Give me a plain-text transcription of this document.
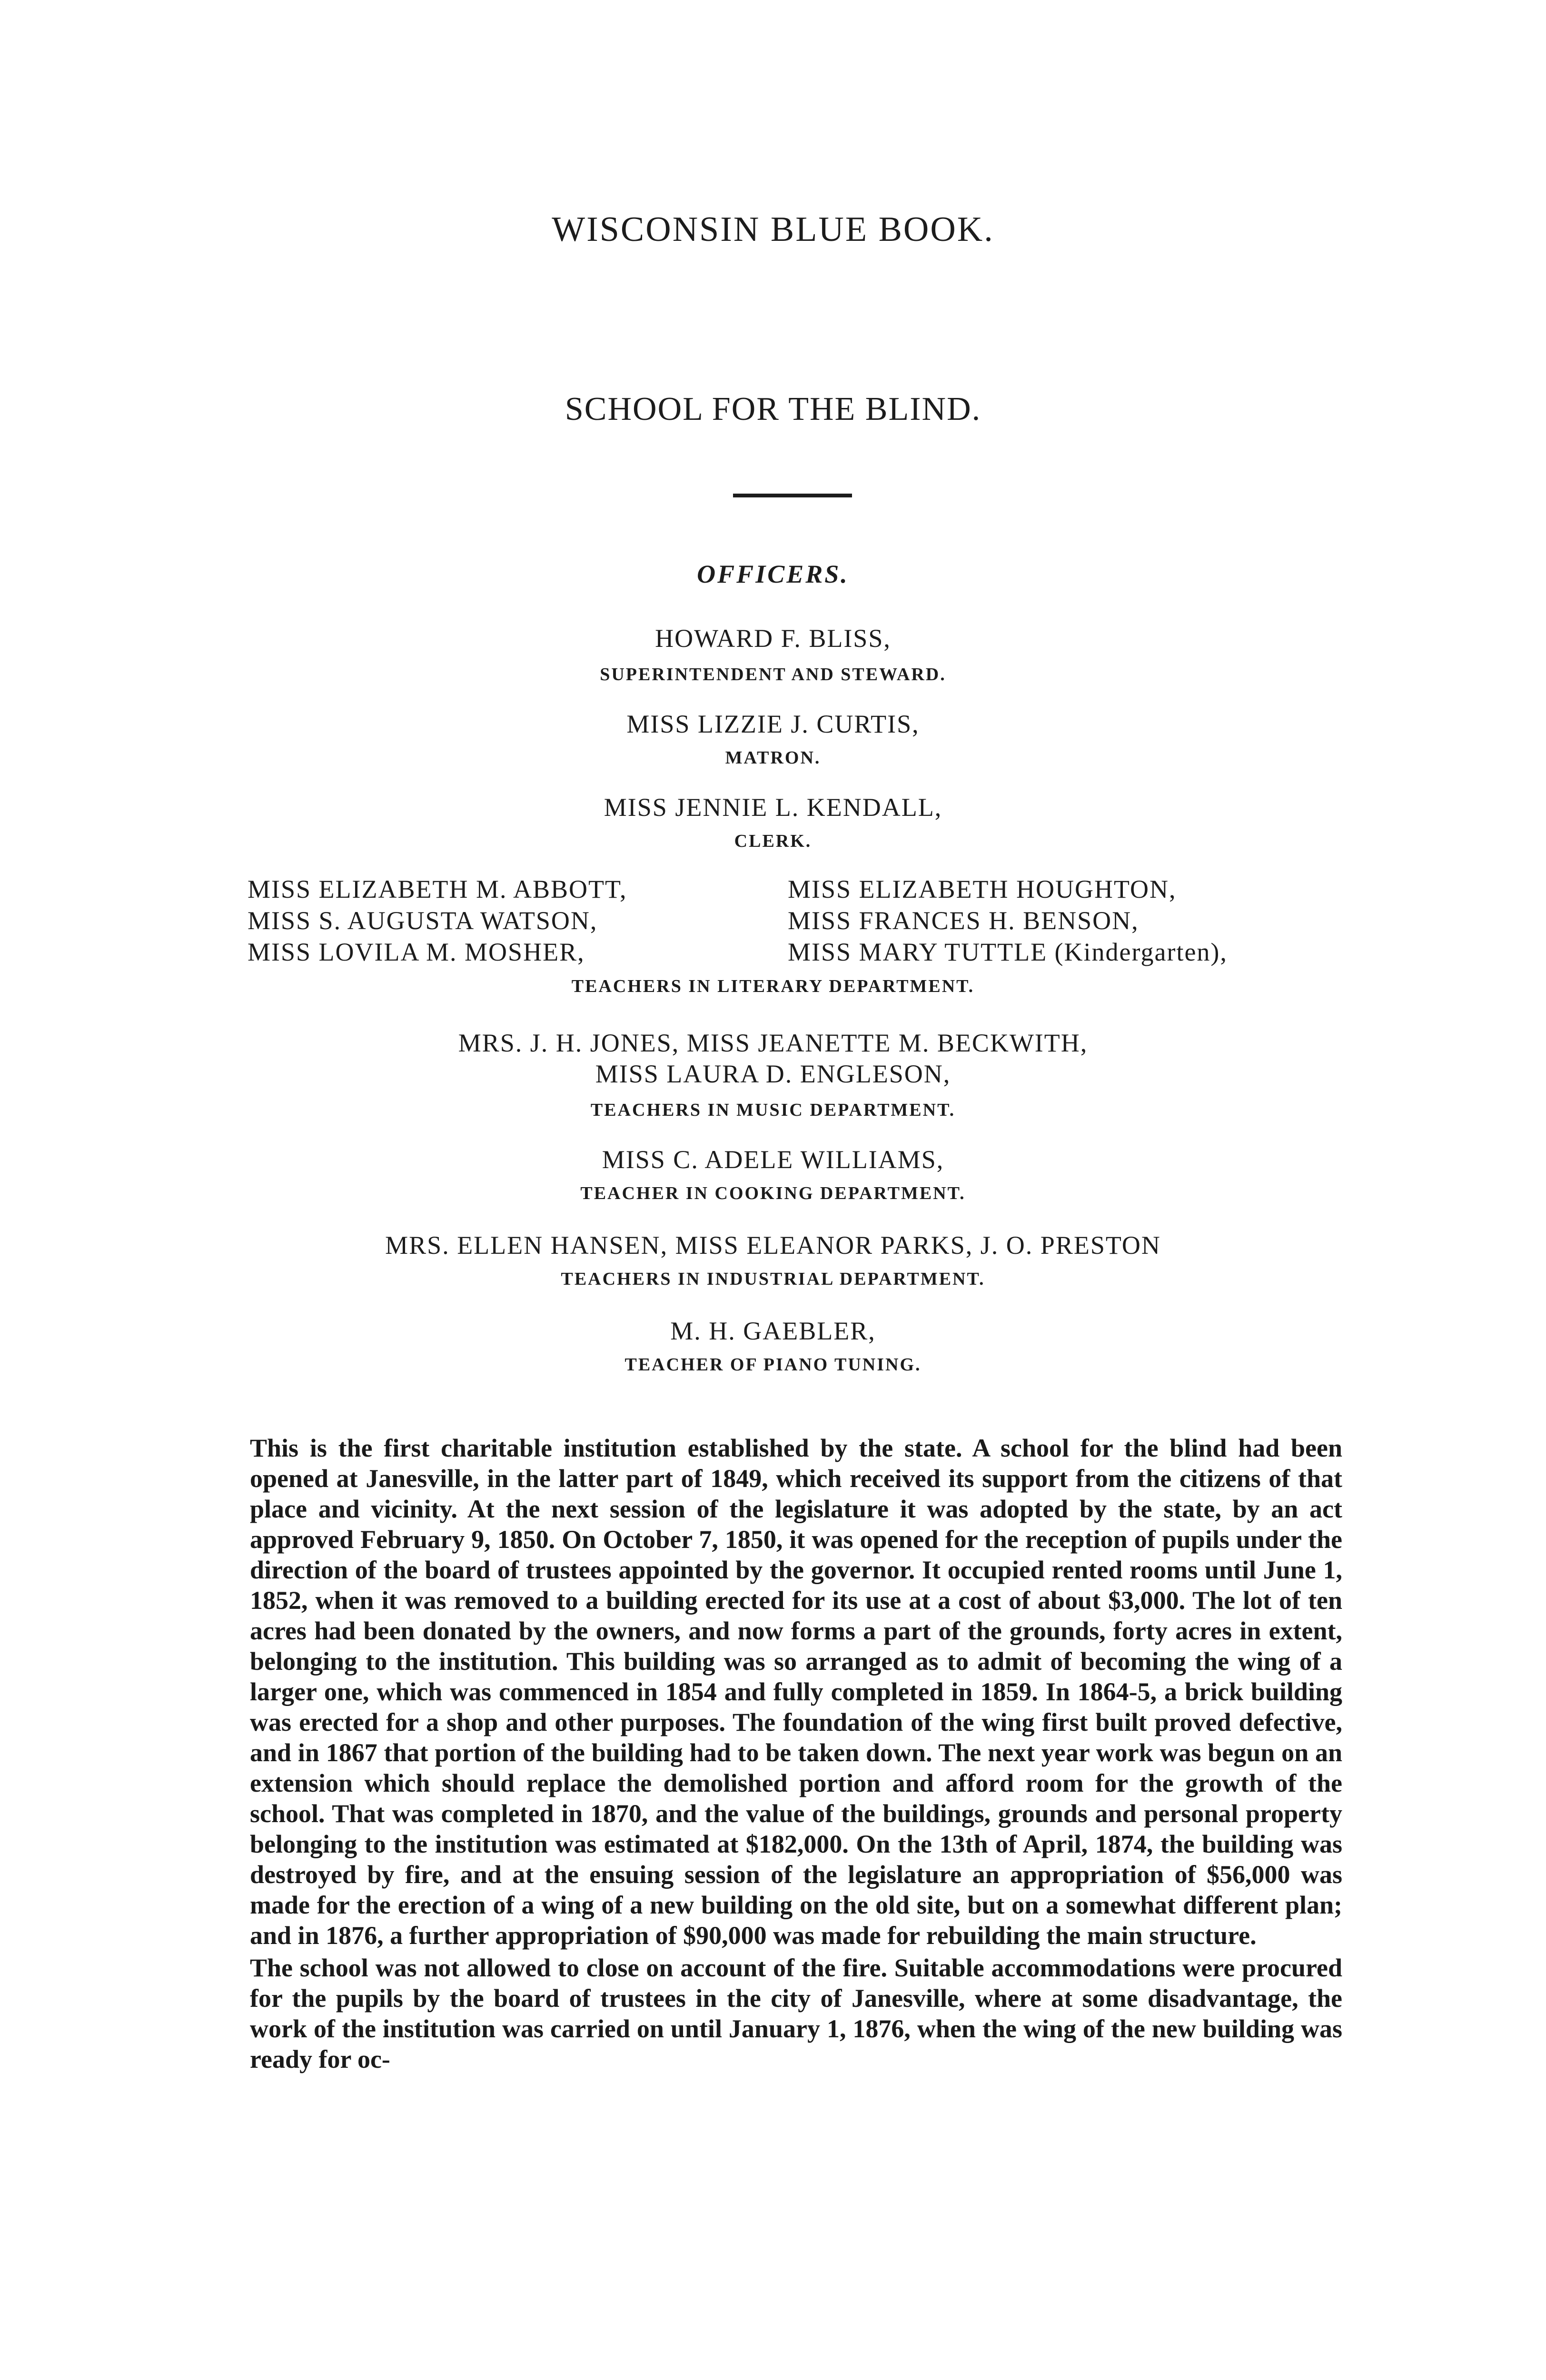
WISCONSIN BLUE BOOK.
SCHOOL FOR THE BLIND.
OFFICERS.
HOWARD F. BLISS,
SUPERINTENDENT AND STEWARD.
MISS LIZZIE J. CURTIS,
MATRON.
MISS JENNIE L. KENDALL,
CLERK.
MISS ELIZABETH M. ABBOTT,
MISS S. AUGUSTA WATSON,
MISS LOVILA M. MOSHER,
MISS ELIZABETH HOUGHTON,
MISS FRANCES H. BENSON,
MISS MARY TUTTLE (Kindergarten),
TEACHERS IN LITERARY DEPARTMENT.
MRS. J. H. JONES, MISS JEANETTE M. BECKWITH,
MISS LAURA D. ENGLESON,
TEACHERS IN MUSIC DEPARTMENT.
MISS C. ADELE WILLIAMS,
TEACHER IN COOKING DEPARTMENT.
MRS. ELLEN HANSEN, MISS ELEANOR PARKS, J. O. PRESTON
TEACHERS IN INDUSTRIAL DEPARTMENT.
M. H. GAEBLER,
TEACHER OF PIANO TUNING.

This is the first charitable institution established by the state. A school for the blind had been opened at Janesville, in the latter part of 1849, which received its support from the citizens of that place and vicinity. At the next session of the legislature it was adopted by the state, by an act approved February 9, 1850. On October 7, 1850, it was opened for the reception of pupils under the direction of the board of trustees appointed by the governor. It occupied rented rooms until June 1, 1852, when it was removed to a building erected for its use at a cost of about $3,000. The lot of ten acres had been donated by the owners, and now forms a part of the grounds, forty acres in extent, belonging to the institution. This building was so arranged as to admit of becoming the wing of a larger one, which was commenced in 1854 and fully completed in 1859. In 1864-5, a brick building was erected for a shop and other purposes. The foundation of the wing first built proved defective, and in 1867 that portion of the building had to be taken down. The next year work was begun on an extension which should replace the demolished portion and afford room for the growth of the school. That was completed in 1870, and the value of the buildings, grounds and personal property belonging to the institution was estimated at $182,000. On the 13th of April, 1874, the building was destroyed by fire, and at the ensuing session of the legislature an appropriation of $56,000 was made for the erection of a wing of a new building on the old site, but on a somewhat different plan; and in 1876, a further appropriation of $90,000 was made for rebuilding the main structure.

The school was not allowed to close on account of the fire. Suitable accommodations were procured for the pupils by the board of trustees in the city of Janesville, where at some disadvantage, the work of the institution was carried on until January 1, 1876, when the wing of the new building was ready for oc-
